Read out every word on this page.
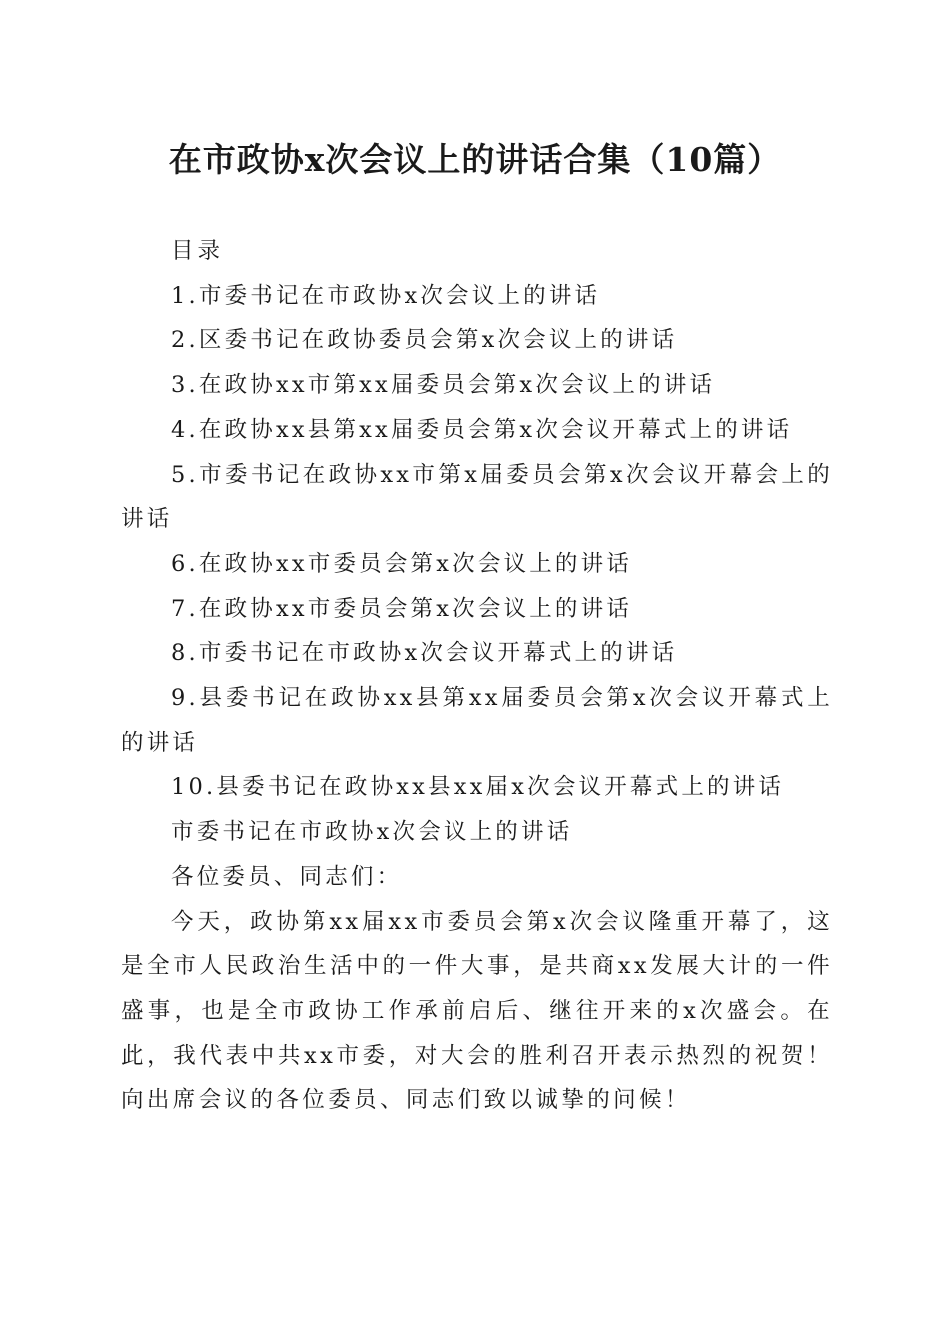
在市政协x次会议上的讲话合集（10篇）

目录

1.市委书记在市政协x次会议上的讲话

2.区委书记在政协委员会第x次会议上的讲话

3.在政协xx市第xx届委员会第x次会议上的讲话

4.在政协xx县第xx届委员会第x次会议开幕式上的讲话

5.市委书记在政协xx市第x届委员会第x次会议开幕会上的讲话

6.在政协xx市委员会第x次会议上的讲话

7.在政协xx市委员会第x次会议上的讲话

8.市委书记在市政协x次会议开幕式上的讲话

9.县委书记在政协xx县第xx届委员会第x次会议开幕式上的讲话

10.县委书记在政协xx县xx届x次会议开幕式上的讲话

市委书记在市政协x次会议上的讲话

各位委员、同志们：

今天，政协第xx届xx市委员会第x次会议隆重开幕了，这是全市人民政治生活中的一件大事，是共商xx发展大计的一件盛事，也是全市政协工作承前启后、继往开来的x次盛会。在此，我代表中共xx市委，对大会的胜利召开表示热烈的祝贺！向出席会议的各位委员、同志们致以诚挚的问候！
